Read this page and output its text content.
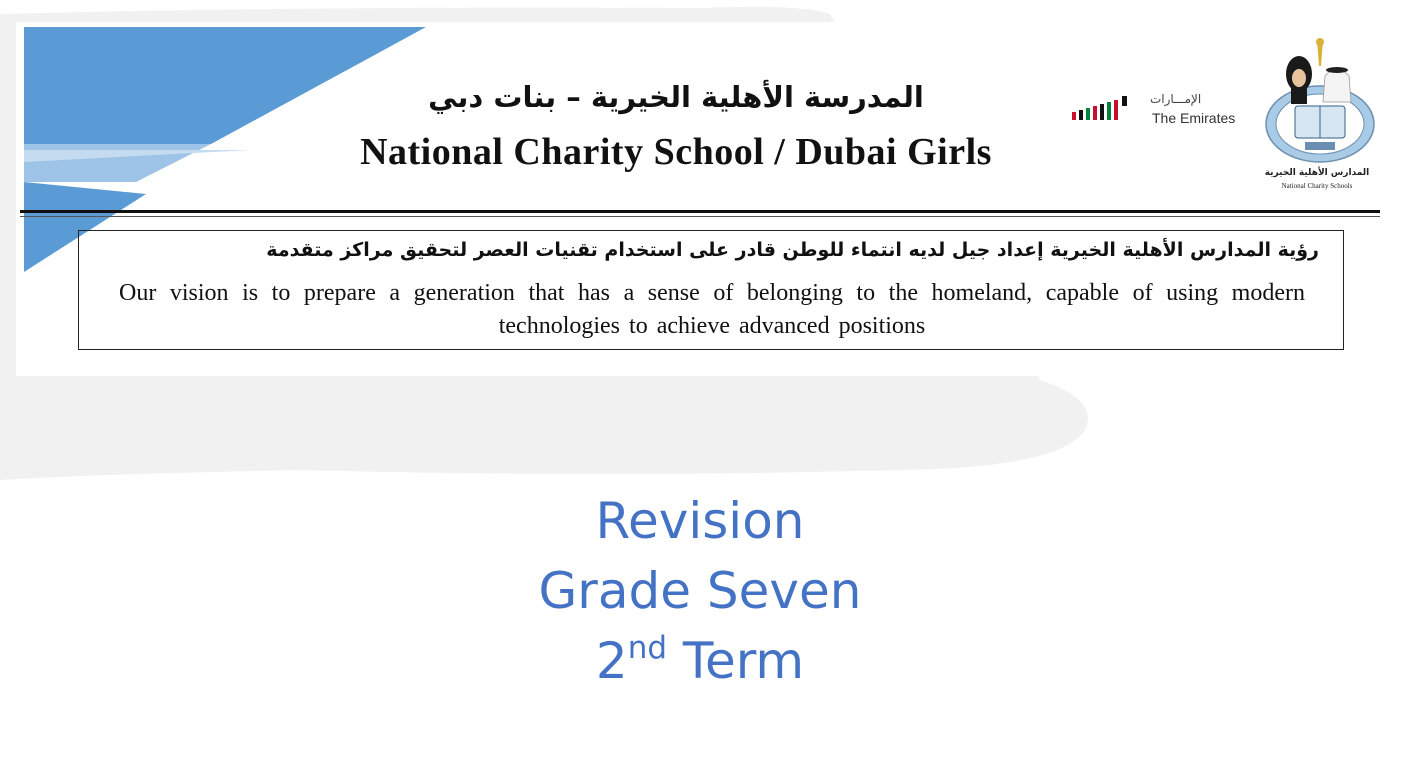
المدرسة الأهلية الخيرية – بنات دبي
National Charity School / Dubai Girls
الإمـــارات
The Emirates
المدارس الأهلية الخيرية
National Charity Schools
رؤية المدارس الأهلية الخيرية إعداد جيل لديه انتماء للوطن قادر على استخدام تقنيات العصر لتحقيق مراكز متقدمة
Our vision is to prepare a generation that has a sense of belonging to the homeland, capable of using modern technologies to achieve advanced positions
Revision
Grade Seven
2nd Term
